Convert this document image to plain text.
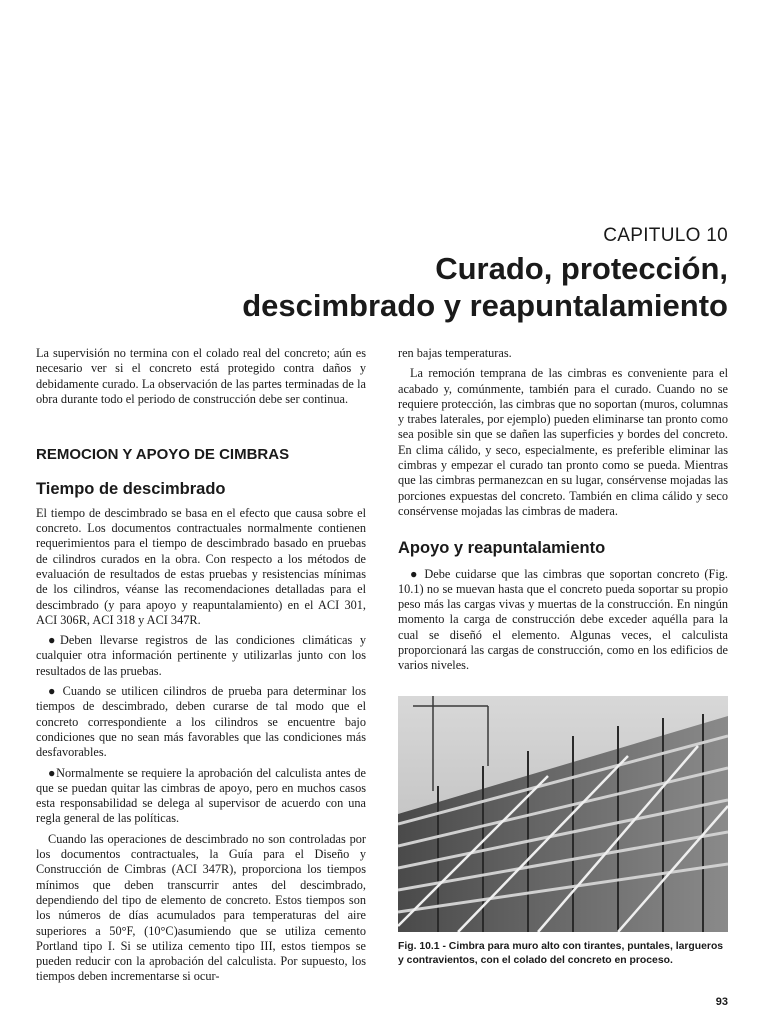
CAPITULO 10
Curado, protección,
descimbrado y reapuntalamiento

La supervisión no termina con el colado real del concreto; aún es necesario ver si el concreto está protegido contra daños y debidamente curado. La observación de las partes terminadas de la obra durante todo el periodo de construcción debe ser continua.

REMOCION Y APOYO DE CIMBRAS
Tiempo de descimbrado

El tiempo de descimbrado se basa en el efecto que causa sobre el concreto. Los documentos contractuales normalmente contienen requerimientos para el tiempo de descimbrado basado en pruebas de cilindros curados en la obra. Con respecto a los métodos de evaluación de resultados de estas pruebas y resistencias mínimas de los cilindros, véanse las recomendaciones detalladas para el descimbrado (y para apoyo y reapuntalamiento) en el ACI 301, ACI 306R, ACI 318 y ACI 347R.

●Deben llevarse registros de las condiciones climáticas y cualquier otra información pertinente y utilizarlas junto con los resultados de las pruebas.

● Cuando se utilicen cilindros de prueba para determinar los tiempos de descimbrado, deben curarse de tal modo que el concreto correspondiente a los cilindros se encuentre bajo condiciones que no sean más favorables que las condiciones más desfavorables.

●Normalmente se requiere la aprobación del calculista antes de que se puedan quitar las cimbras de apoyo, pero en muchos casos esta responsabilidad se delega al supervisor de acuerdo con una regla general de las políticas.

Cuando las operaciones de descimbrado no son controladas por los documentos contractuales, la Guía para el Diseño y Construcción de Cimbras (ACI 347R), proporciona los tiempos mínimos que deben transcurrir antes del descimbrado, dependiendo del tipo de elemento de concreto. Estos tiempos son los números de días acumulados para temperaturas del aire superiores a 50°F, (10°C)asumiendo que se utiliza cemento Portland tipo I. Si se utiliza cemento tipo III, estos tiempos se pueden reducir con la aprobación del calculista. Por supuesto, los tiempos deben incrementarse si ocur-

ren bajas temperaturas.

La remoción temprana de las cimbras es conveniente para el acabado y, comúnmente, también para el curado. Cuando no se requiere protección, las cimbras que no soportan (muros, columnas y trabes laterales, por ejemplo) pueden eliminarse tan pronto como sea posible sin que se dañen las superficies y bordes del concreto. En clima cálido, y seco, especialmente, es preferible eliminar las cimbras y empezar el curado tan pronto como se pueda. Mientras que las cimbras permanezcan en su lugar, consérvense mojadas las porciones expuestas del concreto. También en clima cálido y seco consérvense mojadas las cimbras de madera.

Apoyo y reapuntalamiento

● Debe cuidarse que las cimbras que soportan concreto (Fig. 10.1) no se muevan hasta que el concreto pueda soportar su propio peso más las cargas vivas y muertas de la construcción. En ningún momento la carga de construcción debe exceder aquélla para la cual se diseñó el elemento. Algunas veces, el calculista proporcionará las cargas de construcción, como en los edificios de varios niveles.

Fig. 10.1 - Cimbra para muro alto con tirantes, puntales, largueros y contravientos, con el colado del concreto en proceso.
93
